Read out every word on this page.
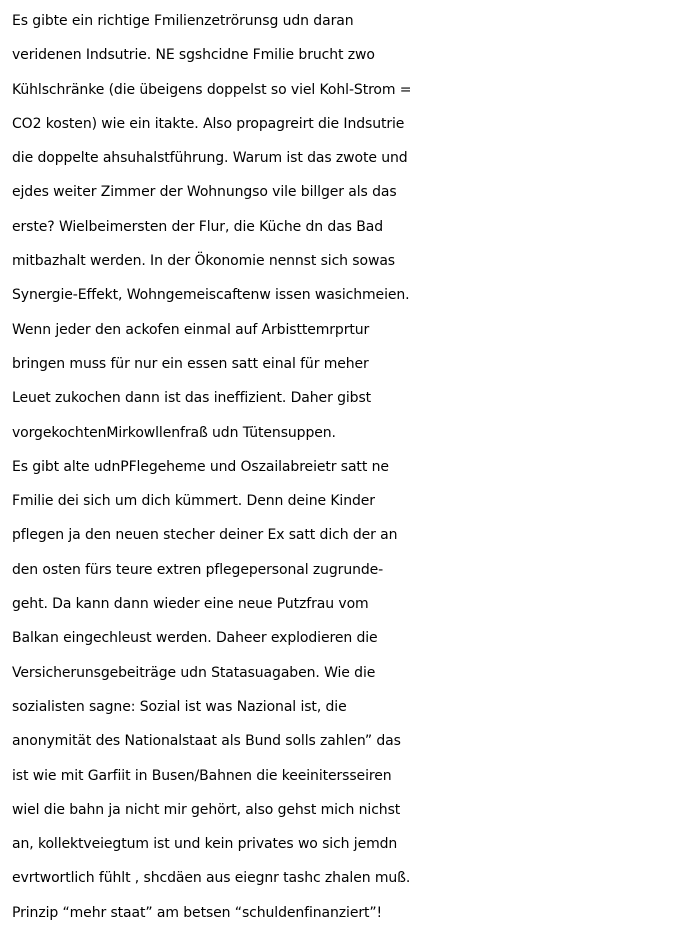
Es gibte ein richtige Fmilienzetrörunsg udn daran
veridenen Indsutrie. NE sgshcidne Fmilie brucht zwo
Kühlschränke (die übeigens doppelst so viel Kohl-Strom =
CO2 kosten) wie ein itakte. Also propagreirt die Indsutrie
die doppelte ahsuhalstführung. Warum ist das zwote und
ejdes weiter Zimmer der Wohnungso vile billger als das
erste? Wielbeimersten der Flur, die Küche dn das Bad
mitbazhalt werden. In der Ökonomie nennst sich sowas
Synergie-Effekt, Wohngemeiscaftenw issen wasichmeien.
Wenn jeder den ackofen einmal auf Arbisttemrprtur
bringen muss für nur ein essen satt einal für meher
Leuet zukochen dann ist das ineffizient. Daher gibst
vorgekochtenMirkowllenfraß udn Tütensuppen.
Es gibt alte udnPFlegeheme und Oszailabreietr satt ne
Fmilie dei sich um dich kümmert. Denn deine Kinder
pflegen ja den neuen stecher deiner Ex satt dich der an
den osten fürs teure extren pflegepersonal zugrunde-
geht. Da kann dann wieder eine neue Putzfrau vom
Balkan eingechleust werden. Daheer explodieren die
Versicherunsgebeiträge udn Statasuagaben. Wie die
sozialisten sagne: Sozial ist was Nazional ist, die
anonymität des Nationalstaat als Bund solls zahlen” das
ist wie mit Garfiit in Busen/Bahnen die keeinitersseiren
wiel die bahn ja nicht mir gehört, also gehst mich nichst
an, kollektveiegtum ist und kein privates wo sich jemdn
evrtwortlich fühlt , shcdäen aus eiegnr tashc zhalen muß.
Prinzip “mehr staat” am betsen “schuldenfinanziert”!
